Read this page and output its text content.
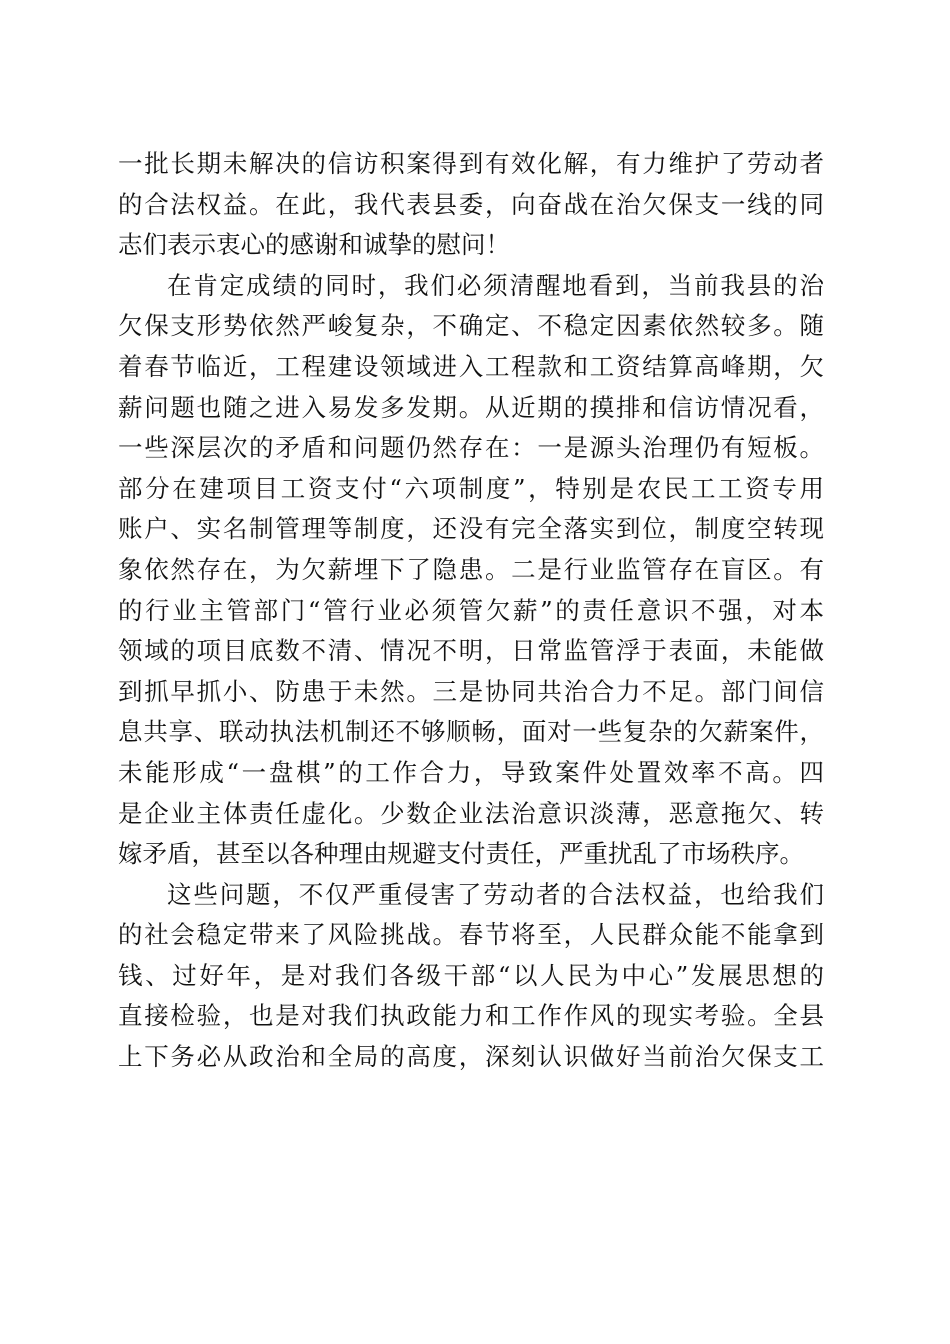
一批长期未解决的信访积案得到有效化解，有力维护了劳动者
的合法权益。在此，我代表县委，向奋战在治欠保支一线的同
志们表示衷心的感谢和诚挚的慰问！

在肯定成绩的同时，我们必须清醒地看到，当前我县的治
欠保支形势依然严峻复杂，不确定、不稳定因素依然较多。随
着春节临近，工程建设领域进入工程款和工资结算高峰期，欠
薪问题也随之进入易发多发期。从近期的摸排和信访情况看，
一些深层次的矛盾和问题仍然存在：一是源头治理仍有短板。
部分在建项目工资支付“六项制度”，特别是农民工工资专用
账户、实名制管理等制度，还没有完全落实到位，制度空转现
象依然存在，为欠薪埋下了隐患。二是行业监管存在盲区。有
的行业主管部门“管行业必须管欠薪”的责任意识不强，对本
领域的项目底数不清、情况不明，日常监管浮于表面，未能做
到抓早抓小、防患于未然。三是协同共治合力不足。部门间信
息共享、联动执法机制还不够顺畅，面对一些复杂的欠薪案件，
未能形成“一盘棋”的工作合力，导致案件处置效率不高。四
是企业主体责任虚化。少数企业法治意识淡薄，恶意拖欠、转
嫁矛盾，甚至以各种理由规避支付责任，严重扰乱了市场秩序。

这些问题，不仅严重侵害了劳动者的合法权益，也给我们
的社会稳定带来了风险挑战。春节将至，人民群众能不能拿到
钱、过好年，是对我们各级干部“以人民为中心”发展思想的
直接检验，也是对我们执政能力和工作作风的现实考验。全县
上下务必从政治和全局的高度，深刻认识做好当前治欠保支工
